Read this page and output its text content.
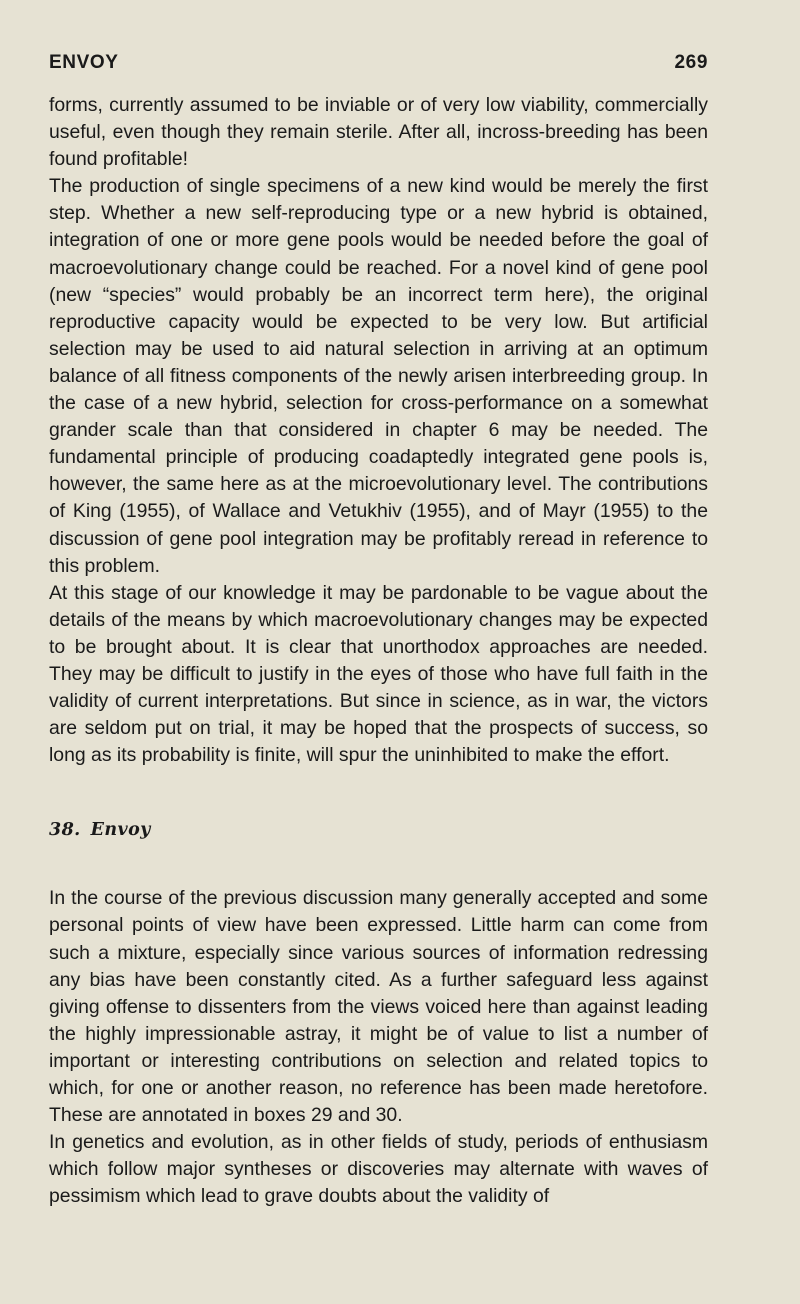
ENVOY	269

forms, currently assumed to be inviable or of very low viability, commercially useful, even though they remain sterile. After all, incross-breeding has been found profitable!

The production of single specimens of a new kind would be merely the first step. Whether a new self-reproducing type or a new hybrid is obtained, integration of one or more gene pools would be needed before the goal of macroevolutionary change could be reached. For a novel kind of gene pool (new “species” would probably be an incorrect term here), the original reproductive capacity would be expected to be very low. But artificial selection may be used to aid natural selection in arriving at an optimum balance of all fitness components of the newly arisen interbreeding group. In the case of a new hybrid, selection for cross-performance on a somewhat grander scale than that considered in chapter 6 may be needed. The fundamental principle of producing coadaptedly integrated gene pools is, however, the same here as at the microevolutionary level. The contributions of King (1955), of Wallace and Vetukhiv (1955), and of Mayr (1955) to the discussion of gene pool integration may be profitably reread in reference to this problem.

At this stage of our knowledge it may be pardonable to be vague about the details of the means by which macroevolutionary changes may be expected to be brought about. It is clear that unorthodox approaches are needed. They may be difficult to justify in the eyes of those who have full faith in the validity of current interpretations. But since in science, as in war, the victors are seldom put on trial, it may be hoped that the prospects of success, so long as its probability is finite, will spur the uninhibited to make the effort.

38. Envoy

In the course of the previous discussion many generally accepted and some personal points of view have been expressed. Little harm can come from such a mixture, especially since various sources of information redressing any bias have been constantly cited. As a further safeguard less against giving offense to dissenters from the views voiced here than against leading the highly impressionable astray, it might be of value to list a number of important or interesting contributions on selection and related topics to which, for one or another reason, no reference has been made heretofore. These are annotated in boxes 29 and 30.

In genetics and evolution, as in other fields of study, periods of enthusiasm which follow major syntheses or discoveries may alternate with waves of pessimism which lead to grave doubts about the validity of
